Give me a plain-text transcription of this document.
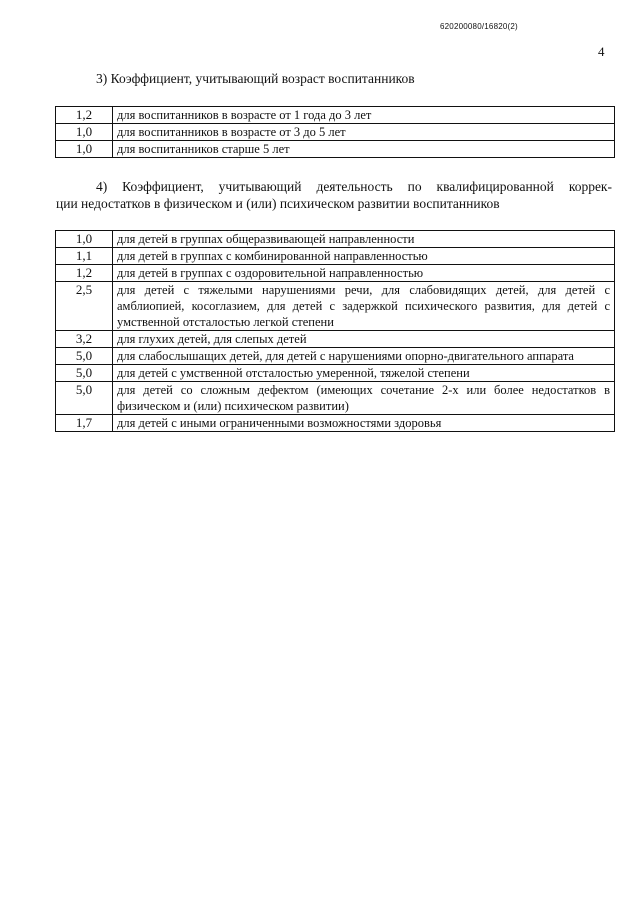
620200080/16820(2)
4
3) Коэффициент, учитывающий возраст воспитанников
1,2	для воспитанников в возрасте от 1 года до 3 лет
1,0	для воспитанников в возрасте от 3 до 5 лет
1,0	для воспитанников старше 5 лет
4) Коэффициент, учитывающий деятельность по квалифицированной коррек-
ции недостатков в физическом и (или) психическом развитии воспитанников
1,0	для детей в группах общеразвивающей направленности
1,1	для детей в группах с комбинированной направленностью
1,2	для детей в группах с оздоровительной направленностью
2,5	для детей с тяжелыми нарушениями речи, для слабовидящих детей, для детей с амблиопией, косоглазием, для детей с задержкой психического развития, для детей с умственной отсталостью легкой степени
3,2	для глухих детей, для слепых детей
5,0	для слабослышащих детей, для детей с нарушениями опорно-двигательного аппарата
5,0	для детей с умственной отсталостью умеренной, тяжелой степени
5,0	для детей со сложным дефектом (имеющих сочетание 2-х или более недостатков в физическом и (или) психическом развитии)
1,7	для детей с иными ограниченными возможностями здоровья
